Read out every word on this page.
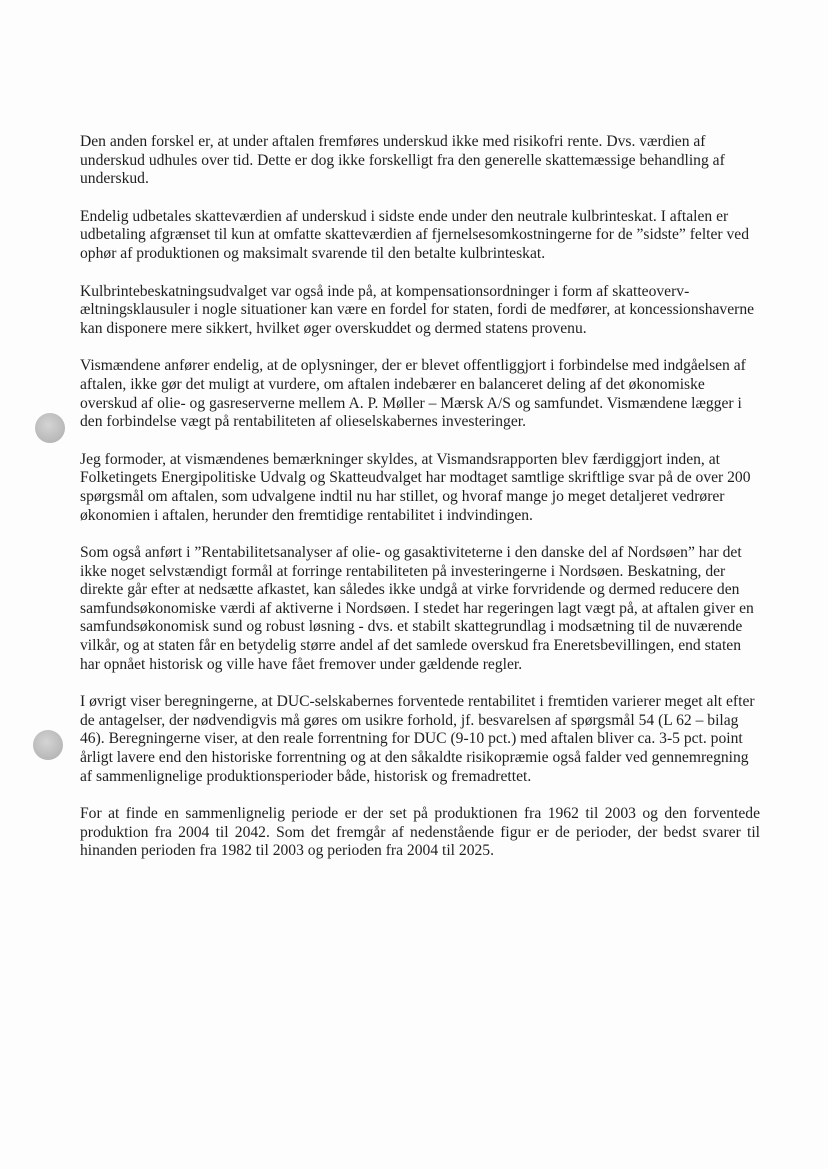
Den anden forskel er, at under aftalen fremføres underskud ikke med risikofri rente. Dvs. værdien af underskud udhules over tid. Dette er dog ikke forskelligt fra den generelle skattemæssige behandling af underskud.

Endelig udbetales skatteværdien af underskud i sidste ende under den neutrale kulbrinteskat. I aftalen er udbetaling afgrænset til kun at omfatte skatteværdien af fjernelsesomkostningerne for de ”sidste” felter ved ophør af produktionen og maksimalt svarende til den betalte kulbrinteskat.

Kulbrintebeskatningsudvalget var også inde på, at kompensationsordninger i form af skatteovervæltningsklausuler i nogle situationer kan være en fordel for staten, fordi de medfører, at koncessionshaverne kan disponere mere sikkert, hvilket øger overskuddet og dermed statens provenu.

Vismændene anfører endelig, at de oplysninger, der er blevet offentliggjort i forbindelse med indgåelsen af aftalen, ikke gør det muligt at vurdere, om aftalen indebærer en balanceret deling af det økonomiske overskud af olie- og gasreserverne mellem A. P. Møller – Mærsk A/S og samfundet. Vismændene lægger i den forbindelse vægt på rentabiliteten af olieselskabernes investeringer.

Jeg formoder, at vismændenes bemærkninger skyldes, at Vismandsrapporten blev færdiggjort inden, at Folketingets Energipolitiske Udvalg og Skatteudvalget har modtaget samtlige skriftlige svar på de over 200 spørgsmål om aftalen, som udvalgene indtil nu har stillet, og hvoraf mange jo meget detaljeret vedrører økonomien i aftalen, herunder den fremtidige rentabilitet i indvindingen.

Som også anført i ”Rentabilitetsanalyser af olie- og gasaktiviteterne i den danske del af Nordsøen” har det ikke noget selvstændigt formål at forringe rentabiliteten på investeringerne i Nordsøen. Beskatning, der direkte går efter at nedsætte afkastet, kan således ikke undgå at virke forvridende og dermed reducere den samfundsøkonomiske værdi af aktiverne i Nordsøen. I stedet har regeringen lagt vægt på, at aftalen giver en samfundsøkonomisk sund og robust løsning - dvs. et stabilt skattegrundlag i modsætning til de nuværende vilkår, og at staten får en betydelig større andel af det samlede overskud fra Eneretsbevillingen, end staten har opnået historisk og ville have fået fremover under gældende regler.

I øvrigt viser beregningerne, at DUC-selskabernes forventede rentabilitet i fremtiden varierer meget alt efter de antagelser, der nødvendigvis må gøres om usikre forhold, jf. besvarelsen af spørgsmål 54 (L 62 – bilag 46). Beregningerne viser, at den reale forrentning for DUC (9-10 pct.) med aftalen bliver ca. 3-5 pct. point årligt lavere end den historiske forrentning og at den såkaldte risikopræmie også falder ved gennemregning af sammenlignelige produktionsperioder både, historisk og fremadrettet.

For at finde en sammenlignelig periode er der set på produktionen fra 1962 til 2003 og den forventede produktion fra 2004 til 2042. Som det fremgår af nedenstående figur er de perioder, der bedst svarer til hinanden perioden fra 1982 til 2003 og perioden fra 2004 til 2025.
